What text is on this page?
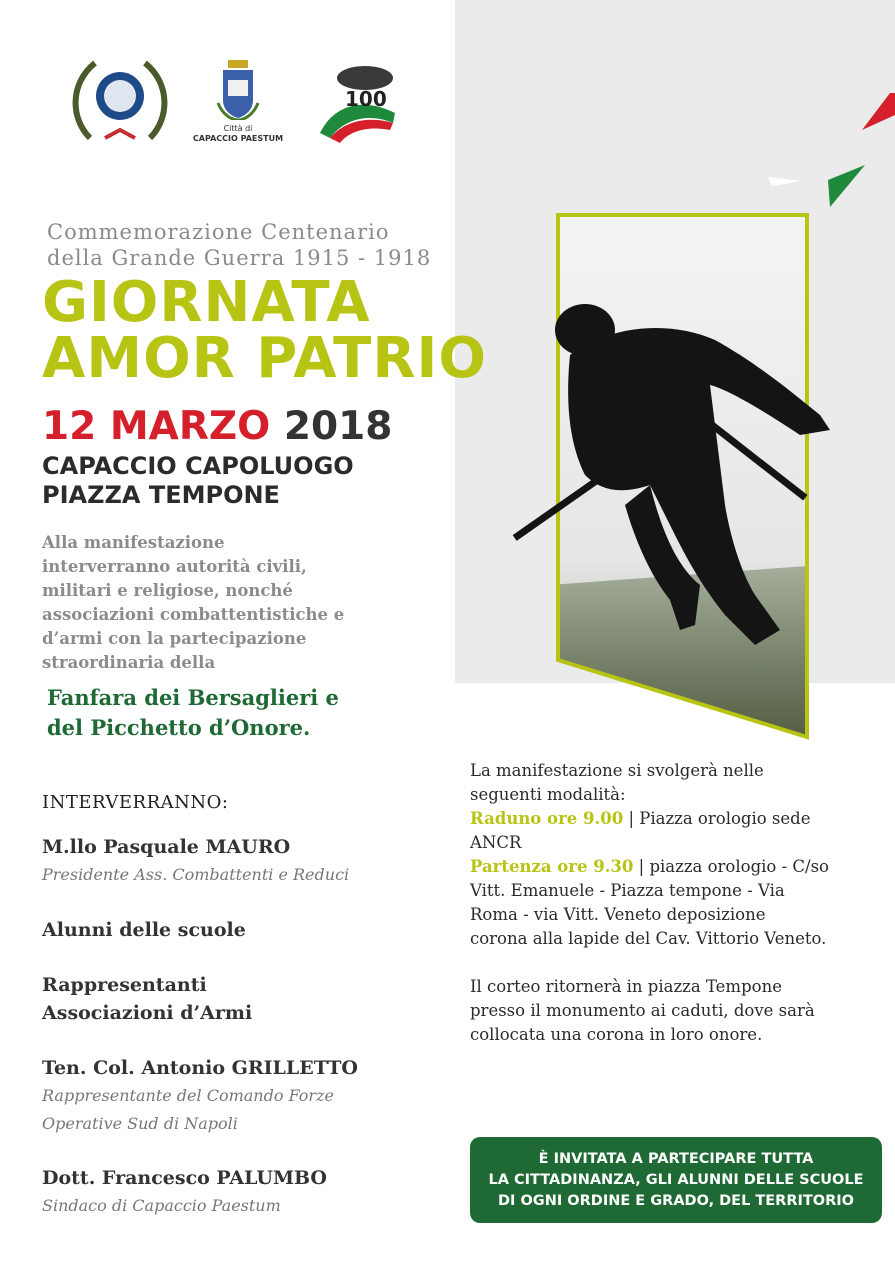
Città di
CAPACCIO PAESTUM
100
Commemorazione Centenario
della Grande Guerra 1915 - 1918
GIORNATA
AMOR PATRIO
12 MARZO 2018
CAPACCIO CAPOLUOGO
PIAZZA TEMPONE
Alla manifestazione
interverranno autorità civili,
militari e religiose, nonché
associazioni combattentistiche e
d’armi con la partecipazione
straordinaria della
Fanfara dei Bersaglieri e
del Picchetto d’Onore.
INTERVERRANNO:
M.llo Pasquale MAURO
Presidente Ass. Combattenti e Reduci
Alunni delle scuole
Rappresentanti
Associazioni d’Armi
Ten. Col. Antonio GRILLETTO
Rappresentante del Comando Forze
Operative Sud di Napoli
Dott. Francesco PALUMBO
Sindaco di Capaccio Paestum
La manifestazione si svolgerà nelle
seguenti modalità:
Raduno ore 9.00 | Piazza orologio sede
ANCR
Partenza ore 9.30 | piazza orologio - C/so
Vitt. Emanuele - Piazza tempone - Via
Roma - via Vitt. Veneto deposizione
corona alla lapide del Cav. Vittorio Veneto.
Il corteo ritornerà in piazza Tempone
presso il monumento ai caduti, dove sarà
collocata una corona in loro onore.
È INVITATA A PARTECIPARE TUTTA
LA CITTADINANZA, GLI ALUNNI DELLE SCUOLE
DI OGNI ORDINE E GRADO, DEL TERRITORIO
